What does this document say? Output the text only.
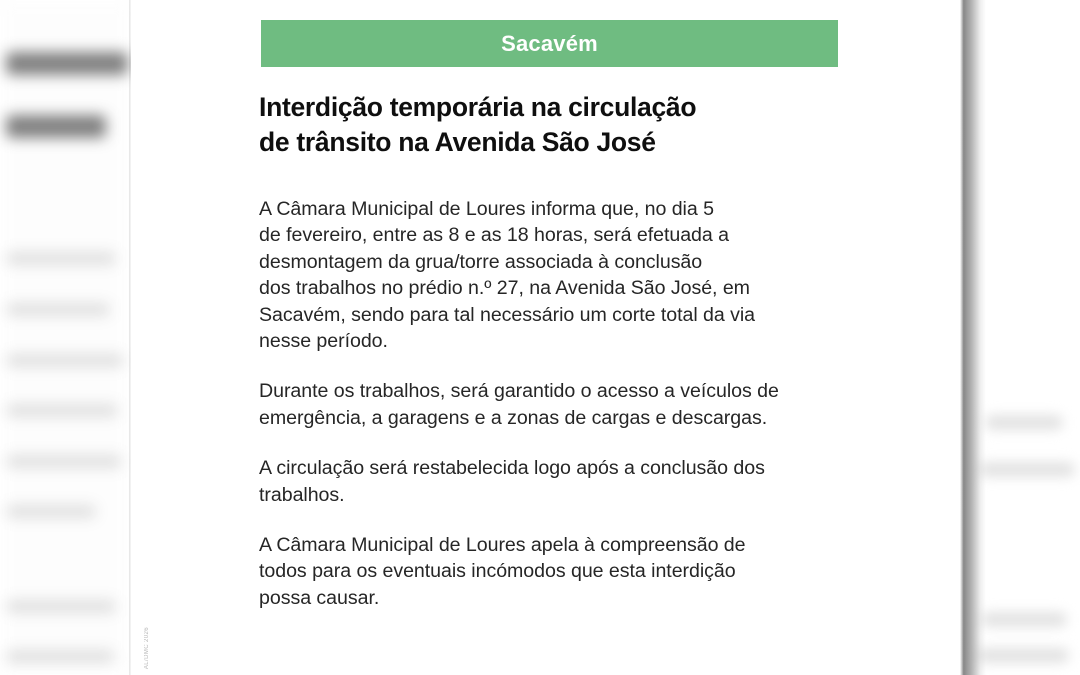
Sacavém
Interdição temporária na circulação
de trânsito na Avenida São José

A Câmara Municipal de Loures informa que, no dia 5
de fevereiro, entre as 8 e as 18 horas, será efetuada a
desmontagem da grua/torre associada à conclusão
dos trabalhos no prédio n.º 27, na Avenida São José, em
Sacavém, sendo para tal necessário um corte total da via
nesse período.

Durante os trabalhos, será garantido o acesso a veículos de
emergência, a garagens e a zonas de cargas e descargas.

A circulação será restabelecida logo após a conclusão dos
trabalhos.

A Câmara Municipal de Loures apela à compreensão de
todos para os eventuais incómodos que esta interdição
possa causar.

AL/DMC 2026
